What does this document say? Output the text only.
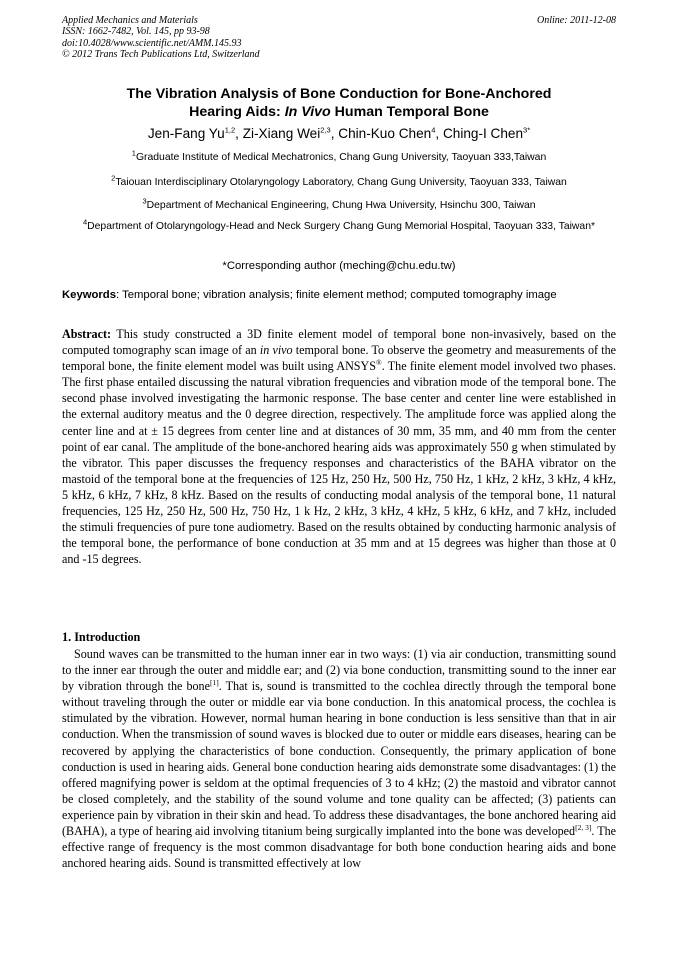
Applied Mechanics and Materials
ISSN: 1662-7482, Vol. 145, pp 93-98
doi:10.4028/www.scientific.net/AMM.145.93
© 2012 Trans Tech Publications Ltd, Switzerland
Online: 2011-12-08
The Vibration Analysis of Bone Conduction for Bone-Anchored
Hearing Aids: In Vivo Human Temporal Bone
Jen-Fang Yu$^{1,2}$, Zi-Xiang Wei$^{2,3}$, Chin-Kuo Chen$^4$, Ching-I Chen$^{3*}$
$^1$Graduate Institute of Medical Mechatronics, Chang Gung University, Taoyuan 333,Taiwan
$^2$Taiouan Interdisciplinary Otolaryngology Laboratory, Chang Gung University, Taoyuan 333, Taiwan
$^3$Department of Mechanical Engineering, Chung Hwa University, Hsinchu 300, Taiwan
$^4$Department of Otolaryngology-Head and Neck Surgery Chang Gung Memorial Hospital, Taoyuan 333, Taiwan*
*Corresponding author (meching@chu.edu.tw)
Keywords: Temporal bone; vibration analysis; finite element method; computed tomography image
Abstract: This study constructed a 3D finite element model of temporal bone non-invasively, based on the computed tomography scan image of an in vivo temporal bone. To observe the geometry and measurements of the temporal bone, the finite element model was built using ANSYS®. The finite element model involved two phases. The first phase entailed discussing the natural vibration frequencies and vibration mode of the temporal bone. The second phase involved investigating the harmonic response. The base center and center line were established in the external auditory meatus and the 0 degree direction, respectively. The amplitude force was applied along the center line and at ± 15 degrees from center line and at distances of 30 mm, 35 mm, and 40 mm from the center point of ear canal. The amplitude of the bone-anchored hearing aids was approximately 550 g when stimulated by the vibrator. This paper discusses the frequency responses and characteristics of the BAHA vibrator on the mastoid of the temporal bone at the frequencies of 125 Hz, 250 Hz, 500 Hz, 750 Hz, 1 kHz, 2 kHz, 3 kHz, 4 kHz, 5 kHz, 6 kHz, 7 kHz, 8 kHz. Based on the results of conducting modal analysis of the temporal bone, 11 natural frequencies, 125 Hz, 250 Hz, 500 Hz, 750 Hz, 1 k Hz, 2 kHz, 3 kHz, 4 kHz, 5 kHz, 6 kHz, and 7 kHz, included the stimuli frequencies of pure tone audiometry. Based on the results obtained by conducting harmonic analysis of the temporal bone, the performance of bone conduction at 35 mm and at 15 degrees was higher than those at 0 and -15 degrees.
1. Introduction
Sound waves can be transmitted to the human inner ear in two ways: (1) via air conduction, transmitting sound to the inner ear through the outer and middle ear; and (2) via bone conduction, transmitting sound to the inner ear by vibration through the bone[1]. That is, sound is transmitted to the cochlea directly through the temporal bone without traveling through the outer or middle ear via bone conduction. In this anatomical process, the cochlea is stimulated by the vibration. However, normal human hearing in bone conduction is less sensitive than that in air conduction. When the transmission of sound waves is blocked due to outer or middle ears diseases, hearing can be recovered by applying the characteristics of bone conduction. Consequently, the primary application of bone conduction is used in hearing aids. General bone conduction hearing aids demonstrate some disadvantages: (1) the offered magnifying power is seldom at the optimal frequencies of 3 to 4 kHz; (2) the mastoid and vibrator cannot be closed completely, and the stability of the sound volume and tone quality can be affected; (3) patients can experience pain by vibration in their skin and head. To address these disadvantages, the bone anchored hearing aid (BAHA), a type of hearing aid involving titanium being surgically implanted into the bone was developed[2, 3]. The effective range of frequency is the most common disadvantage for both bone conduction hearing aids and bone anchored hearing aids. Sound is transmitted effectively at low
